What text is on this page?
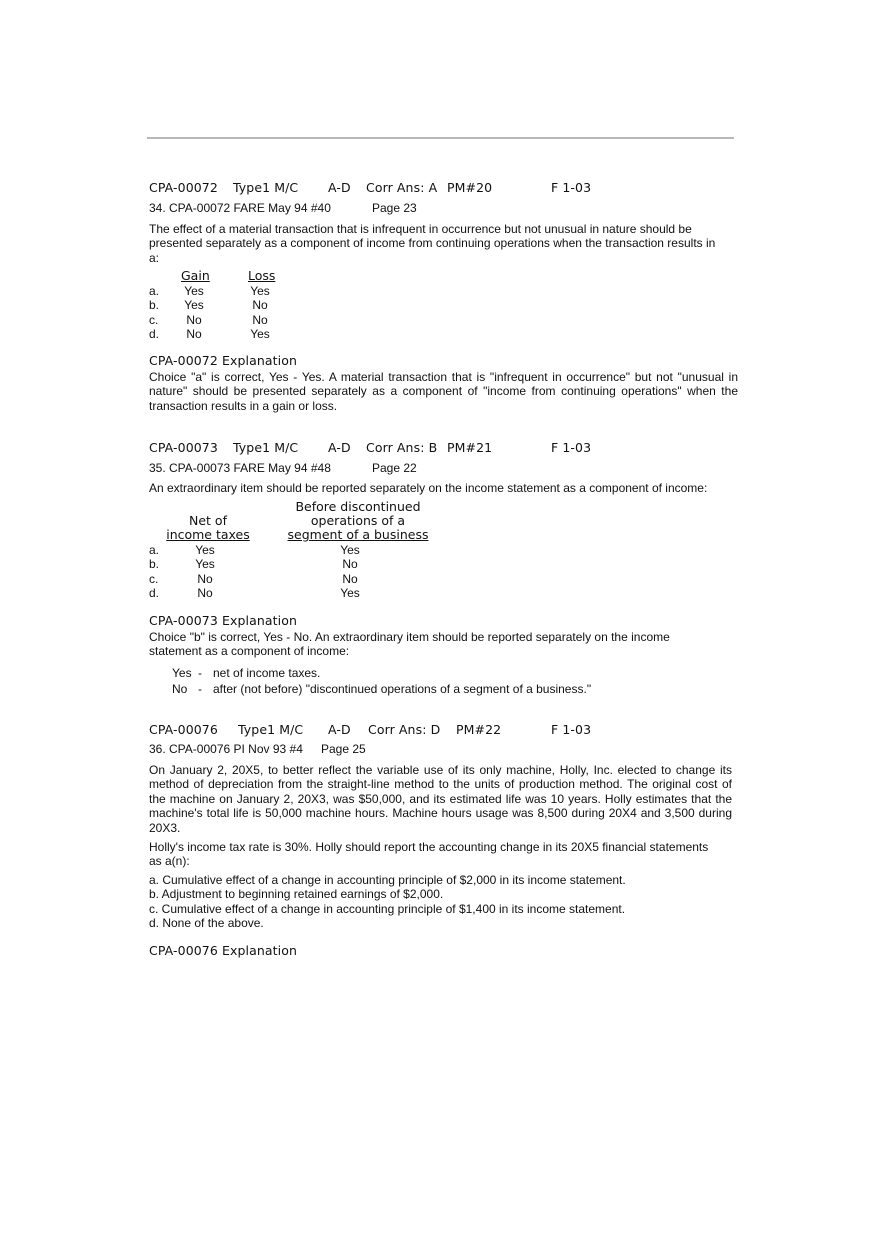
CPA-00072 Type1 M/C A-D Corr Ans: A PM#20	F 1-03
34. CPA-00072 FARE May 94 #40	Page 23
The effect of a material transaction that is infrequent in occurrence but not unusual in nature should be presented separately as a component of income from continuing operations when the transaction results in a:
Gain	Loss
a.	Yes	Yes
b.	Yes	No
c.	No	No
d.	No	Yes
CPA-00072 Explanation
Choice "a" is correct, Yes - Yes. A material transaction that is "infrequent in occurrence" but not "unusual in nature" should be presented separately as a component of "income from continuing operations" when the transaction results in a gain or loss.
CPA-00073 Type1 M/C A-D Corr Ans: B PM#21	F 1-03
35. CPA-00073 FARE May 94 #48	Page 22
An extraordinary item should be reported separately on the income statement as a component of income:
Net of
income taxes
Before discontinued
operations of a
segment of a business
a.	Yes	Yes
b.	Yes	No
c.	No	No
d.	No	Yes
CPA-00073 Explanation
Choice "b" is correct, Yes - No. An extraordinary item should be reported separately on the income statement as a component of income:
Yes - net of income taxes.
No - after (not before) "discontinued operations of a segment of a business."
CPA-00076 Type1 M/C A-D Corr Ans: D PM#22	F 1-03
36. CPA-00076 PI Nov 93 #4 Page 25
On January 2, 20X5, to better reflect the variable use of its only machine, Holly, Inc. elected to change its method of depreciation from the straight-line method to the units of production method. The original cost of the machine on January 2, 20X3, was $50,000, and its estimated life was 10 years. Holly estimates that the machine's total life is 50,000 machine hours. Machine hours usage was 8,500 during 20X4 and 3,500 during 20X3.
Holly's income tax rate is 30%. Holly should report the accounting change in its 20X5 financial statements as a(n):
a. Cumulative effect of a change in accounting principle of $2,000 in its income statement.
b. Adjustment to beginning retained earnings of $2,000.
c. Cumulative effect of a change in accounting principle of $1,400 in its income statement.
d. None of the above.
CPA-00076 Explanation
